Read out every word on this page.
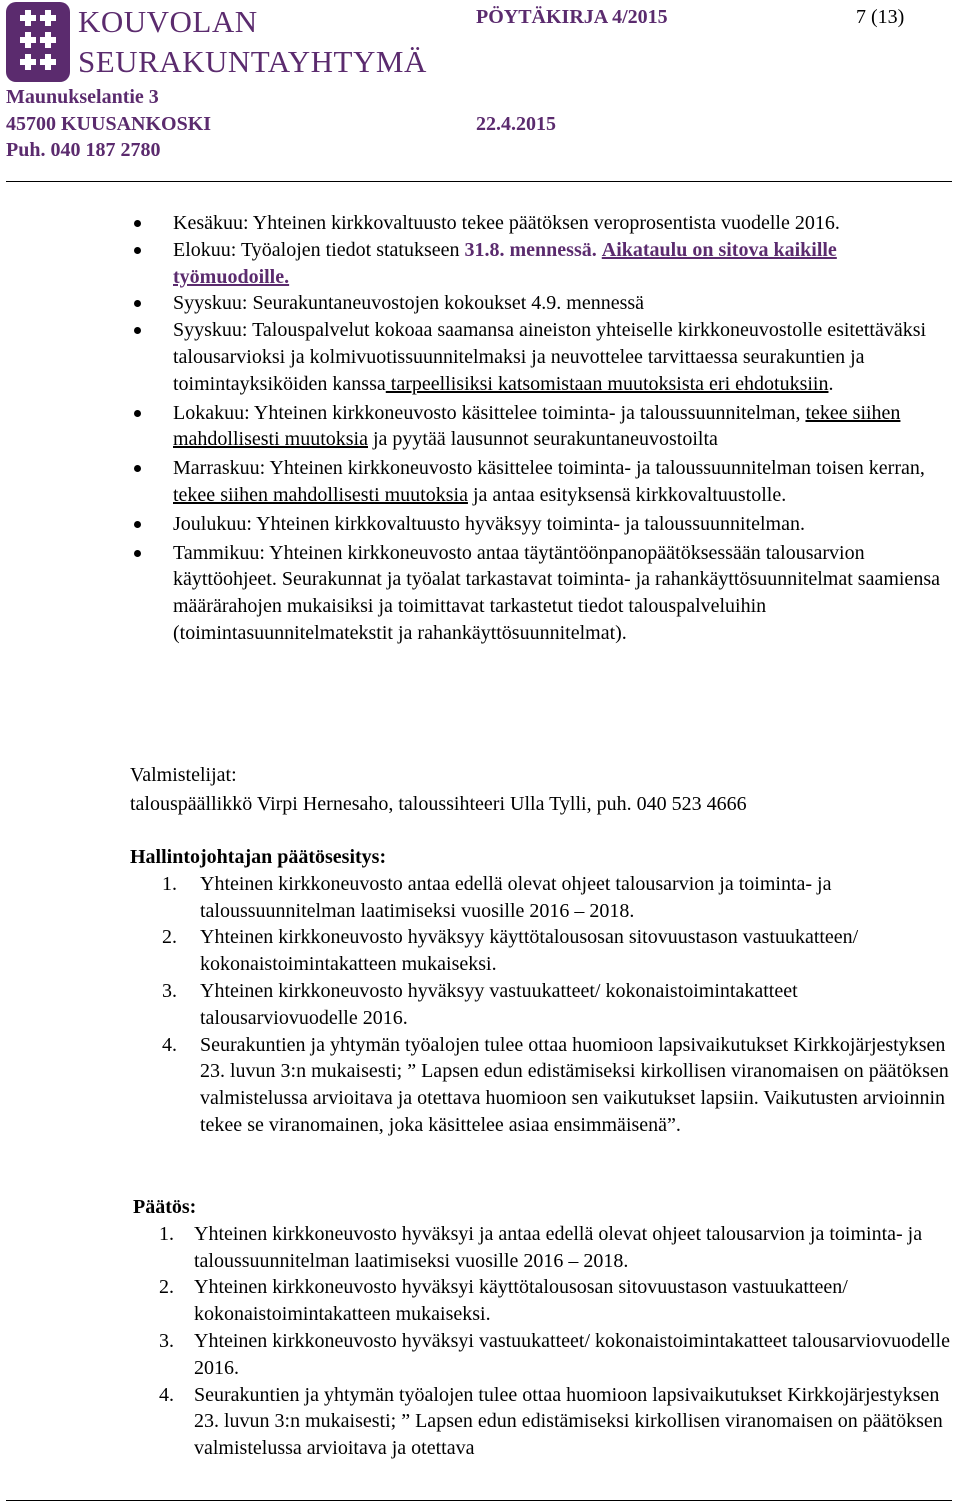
KOUVOLAN
SEURAKUNTAYHTYMÄ
PÖYTÄKIRJA 4/2015	7 (13)
Maunukselantie 3
45700 KUUSANKOSKI
Puh. 040 187 2780
22.4.2015
Kesäkuu: Yhteinen kirkkovaltuusto tekee päätöksen veroprosentista vuodelle 2016.
Elokuu: Työalojen tiedot statukseen 31.8. mennessä. Aikataulu on sitova kaikille työmuodoille.
Syyskuu: Seurakuntaneuvostojen kokoukset 4.9. mennessä
Syyskuu: Talouspalvelut kokoaa saamansa aineiston yhteiselle kirkkoneuvostolle esitettäväksi talousarvioksi ja kolmivuotissuunnitelmaksi ja neuvottelee tarvittaessa seurakuntien ja toimintayksiköiden kanssa tarpeellisiksi katsomistaan muutoksista eri ehdotuksiin.
Lokakuu: Yhteinen kirkkoneuvosto käsittelee toiminta- ja taloussuunnitelman, tekee siihen mahdollisesti muutoksia ja pyytää lausunnot seurakuntaneuvostoilta
Marraskuu: Yhteinen kirkkoneuvosto käsittelee toiminta- ja taloussuunnitelman toisen kerran, tekee siihen mahdollisesti muutoksia ja antaa esityksensä kirkkovaltuustolle.
Joulukuu: Yhteinen kirkkovaltuusto hyväksyy toiminta- ja taloussuunnitelman.
Tammikuu: Yhteinen kirkkoneuvosto antaa täytäntöönpanopäätöksessään talousarvion käyttöohjeet. Seurakunnat ja työalat tarkastavat toiminta- ja rahankäyttösuunnitelmat saamiensa määrärahojen mukaisiksi ja toimittavat tarkastetut tiedot talouspalveluihin (toimintasuunnitelmatekstit ja rahankäyttösuunnitelmat).
Valmistelijat:
talouspäällikkö Virpi Hernesaho, taloussihteeri Ulla Tylli, puh. 040 523 4666
Hallintojohtajan päätösesitys:
1. Yhteinen kirkkoneuvosto antaa edellä olevat ohjeet talousarvion ja toiminta- ja taloussuunnitelman laatimiseksi vuosille 2016 – 2018.
2. Yhteinen kirkkoneuvosto hyväksyy käyttötalousosan sitovuustason vastuukatteen/ kokonaistoimintakatteen mukaiseksi.
3. Yhteinen kirkkoneuvosto hyväksyy vastuukatteet/ kokonaistoimintakatteet talousarviovuodelle 2016.
4. Seurakuntien ja yhtymän työalojen tulee ottaa huomioon lapsivaikutukset Kirkkojärjestyksen 23. luvun 3:n mukaisesti; ” Lapsen edun edistämiseksi kirkollisen viranomaisen on päätöksen valmistelussa arvioitava ja otettava huomioon sen vaikutukset lapsiin. Vaikutusten arvioinnin tekee se viranomainen, joka käsittelee asiaa ensimmäisenä”.
Päätös:
1. Yhteinen kirkkoneuvosto hyväksyi ja antaa edellä olevat ohjeet talousarvion ja toiminta- ja taloussuunnitelman laatimiseksi vuosille 2016 – 2018.
2. Yhteinen kirkkoneuvosto hyväksyi käyttötalousosan sitovuustason vastuukatteen/ kokonaistoimintakatteen mukaiseksi.
3. Yhteinen kirkkoneuvosto hyväksyi vastuukatteet/ kokonaistoimintakatteet talousarviovuodelle 2016.
4. Seurakuntien ja yhtymän työalojen tulee ottaa huomioon lapsivaikutukset Kirkkojärjestyksen 23. luvun 3:n mukaisesti; ” Lapsen edun edistämiseksi kirkollisen viranomaisen on päätöksen valmistelussa arvioitava ja otettava
